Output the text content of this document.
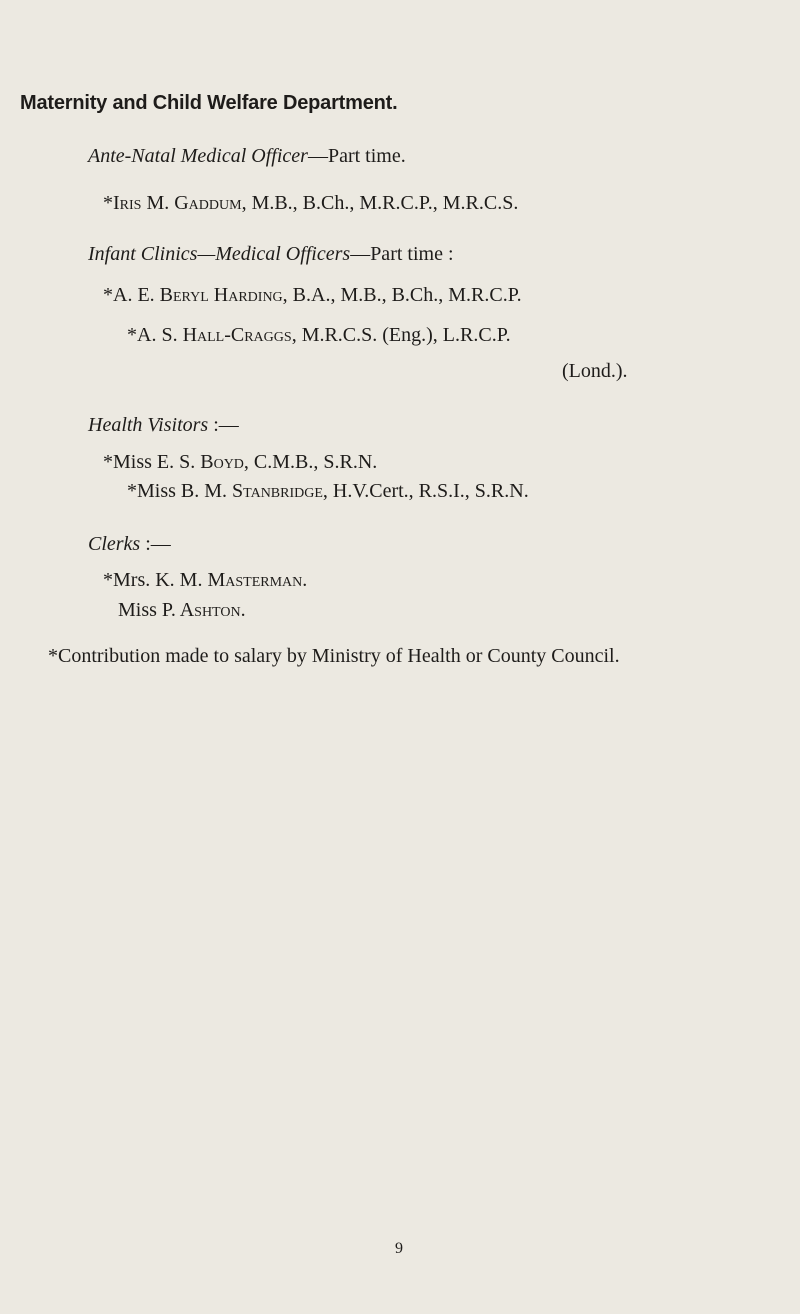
Maternity and Child Welfare Department.
Ante-Natal Medical Officer—Part time.
*Iris M. Gaddum, M.B., B.Ch., M.R.C.P., M.R.C.S.
Infant Clinics—Medical Officers—Part time :
*A. E. Beryl Harding, B.A., M.B., B.Ch., M.R.C.P.
*A. S. Hall-Craggs, M.R.C.S. (Eng.), L.R.C.P.
(Lond.).
Health Visitors :—
*Miss E. S. Boyd, C.M.B., S.R.N.
*Miss B. M. Stanbridge, H.V.Cert., R.S.I., S.R.N.
Clerks :—
*Mrs. K. M. Masterman.
Miss P. Ashton.
*Contribution made to salary by Ministry of Health or County Council.
9
